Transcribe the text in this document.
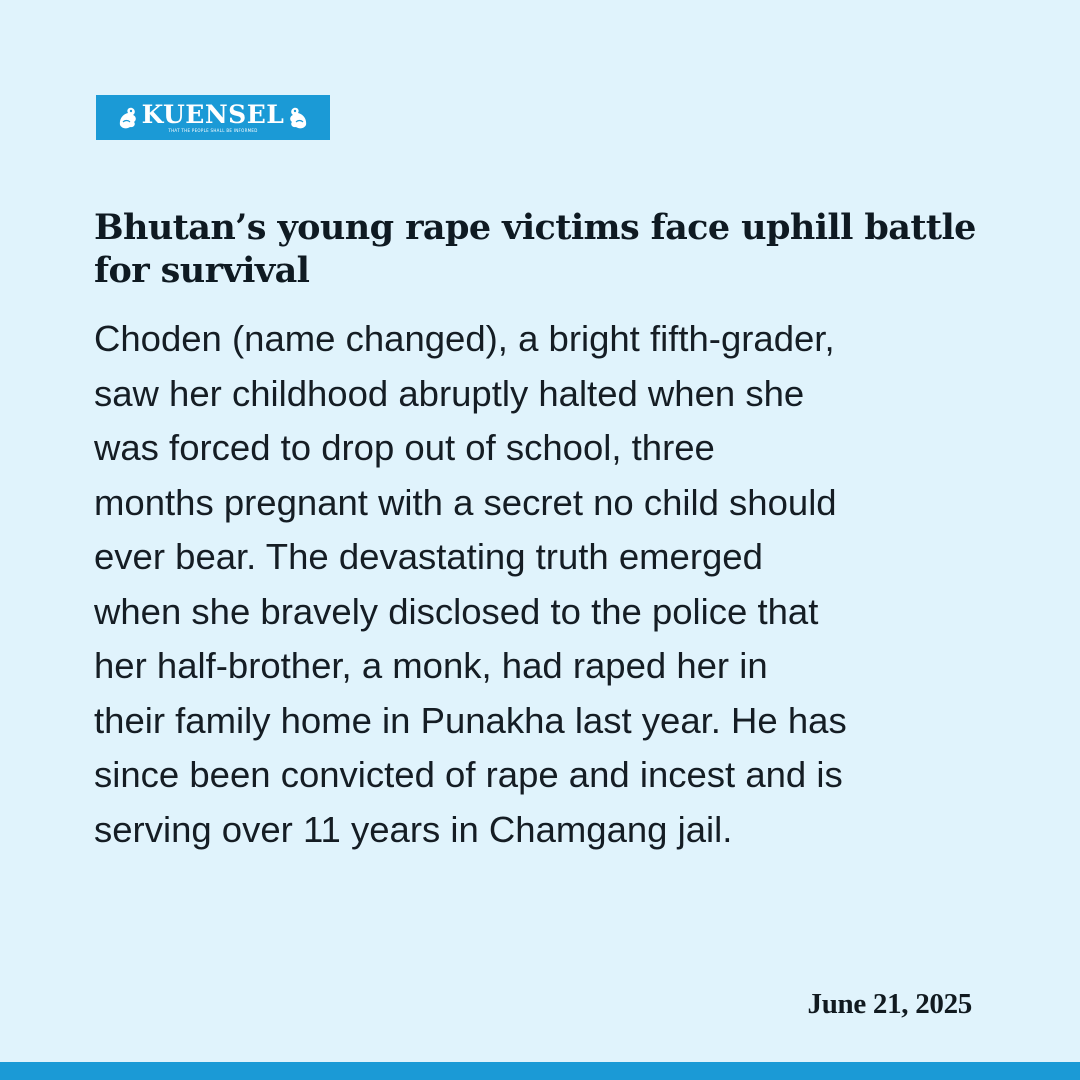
KUENSEL
THAT THE PEOPLE SHALL BE INFORMED
Bhutan’s young rape victims face uphill battle for survival

Choden (name changed), a bright fifth-grader,
saw her childhood abruptly halted when she
was forced to drop out of school, three
months pregnant with a secret no child should
ever bear. The devastating truth emerged
when she bravely disclosed to the police that
her half-brother, a monk, had raped her in
their family home in Punakha last year. He has
since been convicted of rape and incest and is
serving over 11 years in Chamgang jail.

June 21, 2025
